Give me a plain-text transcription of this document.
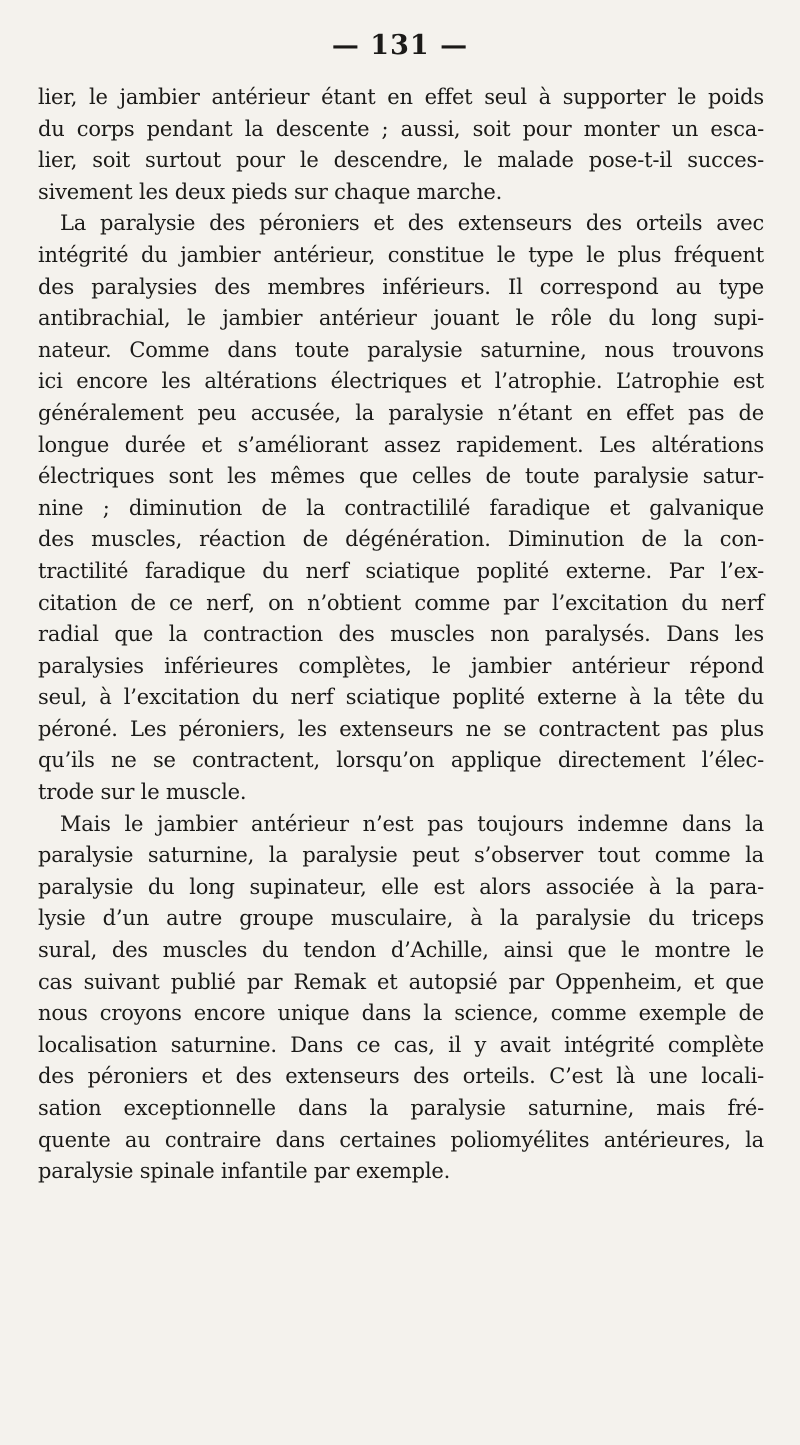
— 131 —
lier, le jambier antérieur étant en effet seul à supporter le poids
du corps pendant la descente ; aussi, soit pour monter un esca-
lier, soit surtout pour le descendre, le malade pose-t-il succes-
sivement les deux pieds sur chaque marche.
La paralysie des péroniers et des extenseurs des orteils avec
intégrité du jambier antérieur, constitue le type le plus fréquent
des paralysies des membres inférieurs. Il correspond au type
antibrachial, le jambier antérieur jouant le rôle du long supi-
nateur. Comme dans toute paralysie saturnine, nous trouvons
ici encore les altérations électriques et l’atrophie. L’atrophie est
généralement peu accusée, la paralysie n’étant en effet pas de
longue durée et s’améliorant assez rapidement. Les altérations
électriques sont les mêmes que celles de toute paralysie satur-
nine ; diminution de la contractililé faradique et galvanique
des muscles, réaction de dégénération. Diminution de la con-
tractilité faradique du nerf sciatique poplité externe. Par l’ex-
citation de ce nerf, on n’obtient comme par l’excitation du nerf
radial que la contraction des muscles non paralysés. Dans les
paralysies inférieures complètes, le jambier antérieur répond
seul, à l’excitation du nerf sciatique poplité externe à la tête du
péroné. Les péroniers, les extenseurs ne se contractent pas plus
qu’ils ne se contractent, lorsqu’on applique directement l’élec-
trode sur le muscle.
Mais le jambier antérieur n’est pas toujours indemne dans la
paralysie saturnine, la paralysie peut s’observer tout comme la
paralysie du long supinateur, elle est alors associée à la para-
lysie d’un autre groupe musculaire, à la paralysie du triceps
sural, des muscles du tendon d’Achille, ainsi que le montre le
cas suivant publié par Remak et autopsié par Oppenheim, et que
nous croyons encore unique dans la science, comme exemple de
localisation saturnine. Dans ce cas, il y avait intégrité complète
des péroniers et des extenseurs des orteils. C’est là une locali-
sation exceptionnelle dans la paralysie saturnine, mais fré-
quente au contraire dans certaines poliomyélites antérieures, la
paralysie spinale infantile par exemple.
